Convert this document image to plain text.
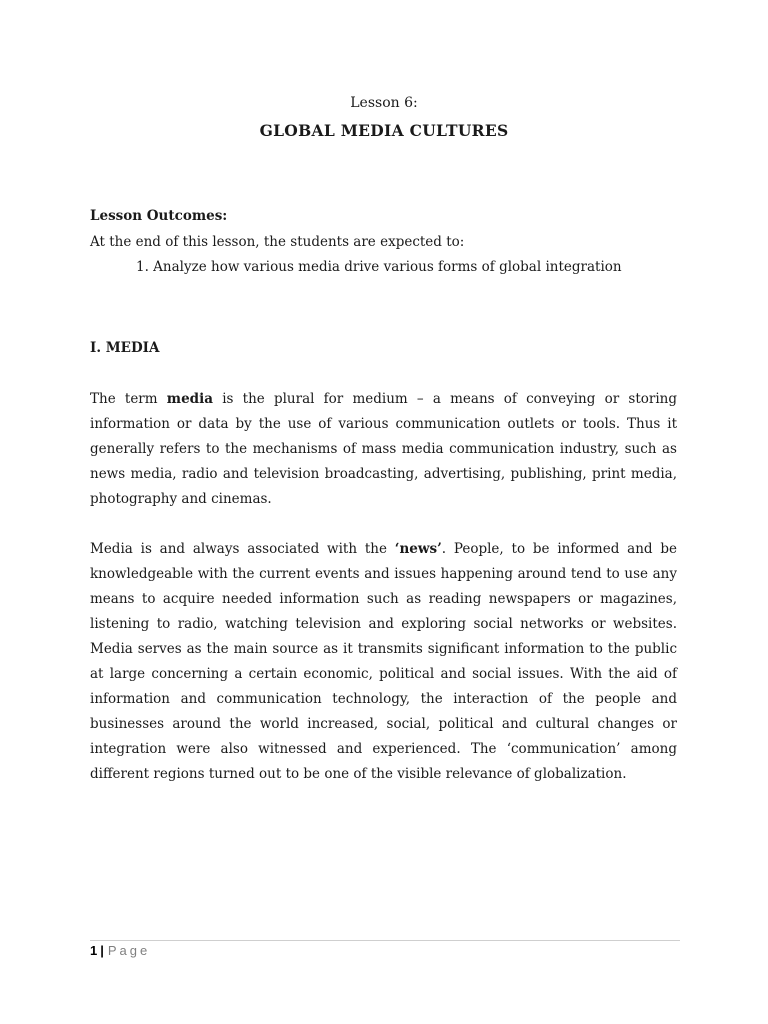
Lesson 6:
GLOBAL MEDIA CULTURES
Lesson Outcomes:
At the end of this lesson, the students are expected to:
1. Analyze how various media drive various forms of global integration
I. MEDIA
The term media is the plural for medium – a means of conveying or storing information or data by the use of various communication outlets or tools. Thus it generally refers to the mechanisms of mass media communication industry, such as news media, radio and television broadcasting, advertising, publishing, print media, photography and cinemas.
Media is and always associated with the ‘news’. People, to be informed and be knowledgeable with the current events and issues happening around tend to use any means to acquire needed information such as reading newspapers or magazines, listening to radio, watching television and exploring social networks or websites. Media serves as the main source as it transmits significant information to the public at large concerning a certain economic, political and social issues. With the aid of information and communication technology, the interaction of the people and businesses around the world increased, social, political and cultural changes or integration were also witnessed and experienced. The ‘communication’ among different regions turned out to be one of the visible relevance of globalization.
1 | Page
